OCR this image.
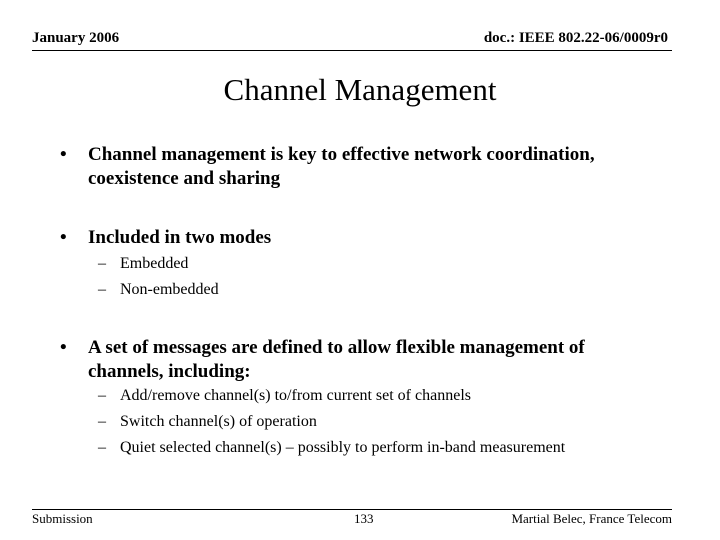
January 2006	doc.: IEEE 802.22-06/0009r0
Channel Management
• Channel management is key to effective network coordination, coexistence and sharing
• Included in two modes
– Embedded
– Non-embedded
• A set of messages are defined to allow flexible management of channels, including:
– Add/remove channel(s) to/from current set of channels
– Switch channel(s) of operation
– Quiet selected channel(s) – possibly to perform in-band measurement
Submission	133	Martial Belec, France Telecom
